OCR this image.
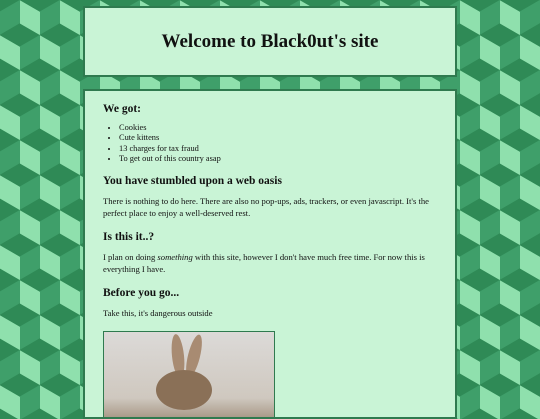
Welcome to Black0ut's site
We got:
• Cookies
• Cute kittens
• 13 charges for tax fraud
• To get out of this country asap
You have stumbled upon a web oasis

There is nothing to do here. There are also no pop-ups, ads, trackers, or even javascript. It's the perfect place to enjoy a well-deserved rest.

Is this it..?

I plan on doing something with this site, however I don't have much free time. For now this is everything I have.

Before you go...

Take this, it's dangerous outside
